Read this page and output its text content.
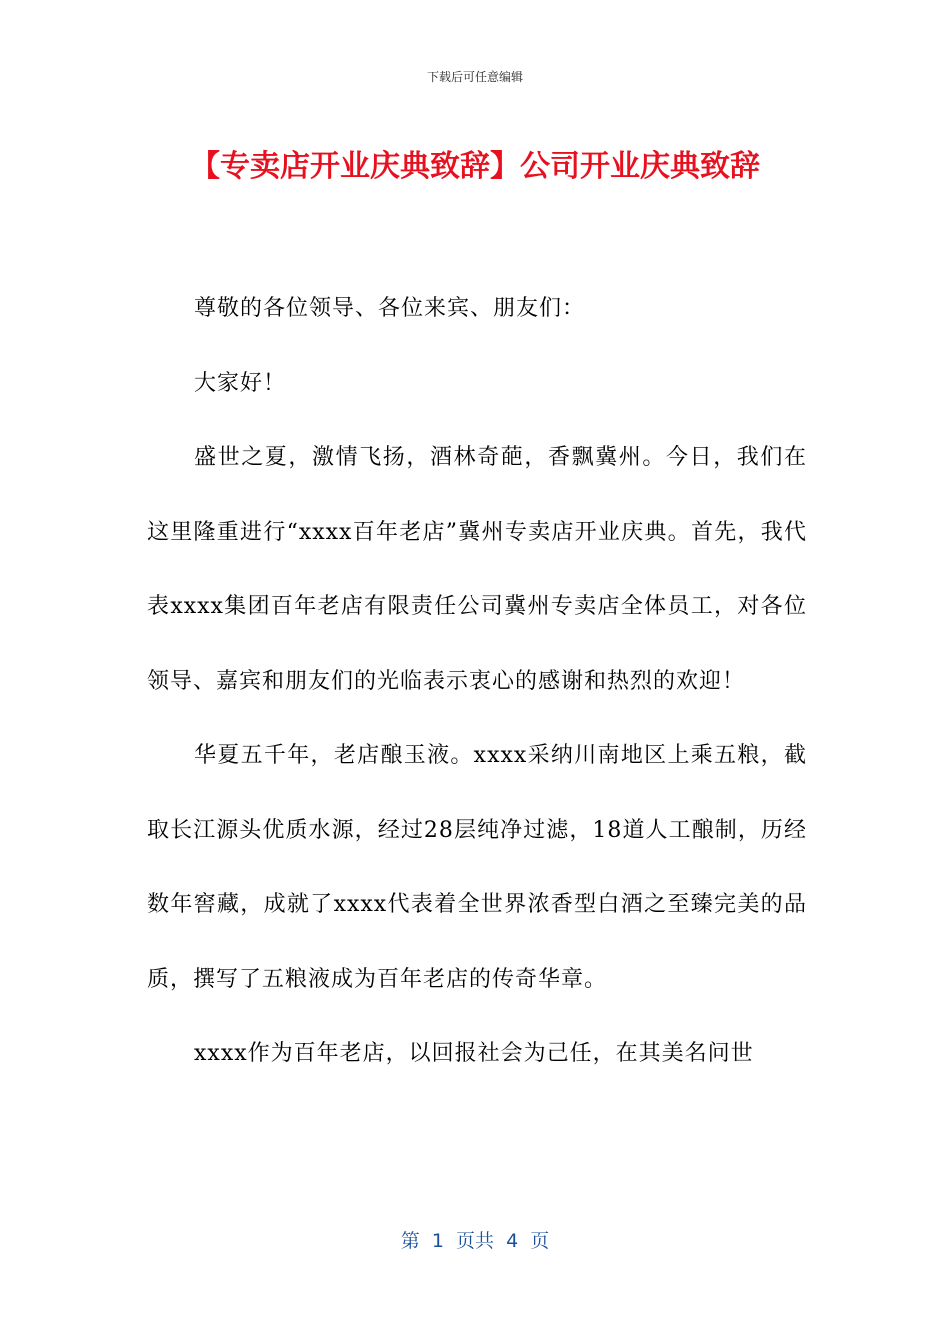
下载后可任意编辑
【专卖店开业庆典致辞】公司开业庆典致辞

尊敬的各位领导、各位来宾、朋友们：

大家好！

盛世之夏，激情飞扬，酒林奇葩，香飘冀州。今日，我们在这里隆重进行“xxxx百年老店”冀州专卖店开业庆典。首先，我代表xxxx集团百年老店有限责任公司冀州专卖店全体员工，对各位领导、嘉宾和朋友们的光临表示衷心的感谢和热烈的欢迎！

华夏五千年，老店酿玉液。xxxx采纳川南地区上乘五粮，截取长江源头优质水源，经过28层纯净过滤，18道人工酿制，历经数年窖藏，成就了xxxx代表着全世界浓香型白酒之至臻完美的品质，撰写了五粮液成为百年老店的传奇华章。

xxxx作为百年老店，以回报社会为己任，在其美名问世

第  1  页共  4  页
